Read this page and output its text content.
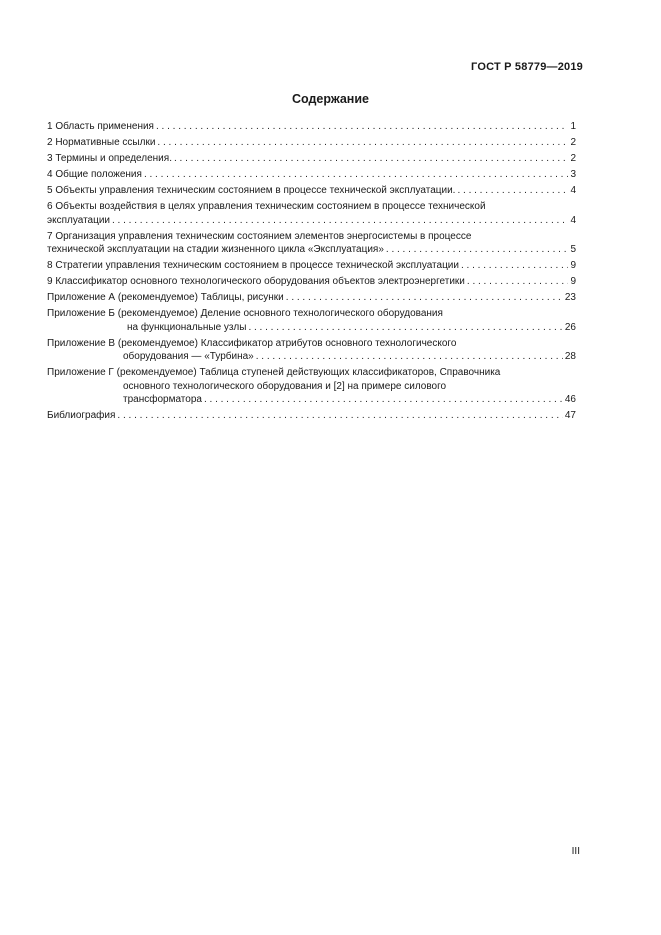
ГОСТ Р 58779—2019
Содержание
1 Область применения . . .	1
2 Нормативные ссылки . . .	2
3 Термины и определения. . . .	2
4 Общие положения . . .	3
5 Объекты управления техническим состоянием в процессе технической эксплуатации. . . .	4
6 Объекты воздействия в целях управления техническим состоянием в процессе технической
эксплуатации . . .	4
7 Организация управления техническим состоянием элементов энергосистемы в процессе
технической эксплуатации на стадии жизненного цикла «Эксплуатация» . . .	5
8 Стратегии управления техническим состоянием в процессе технической эксплуатации . . .	9
9 Классификатор основного технологического оборудования объектов электроэнергетики . . .	9
Приложение А (рекомендуемое) Таблицы, рисунки . . .	23
Приложение Б (рекомендуемое) Деление основного технологического оборудования
на функциональные узлы . . .	26
Приложение В (рекомендуемое) Классификатор атрибутов основного технологического
оборудования — «Турбина» . . .	28
Приложение Г (рекомендуемое) Таблица ступеней действующих классификаторов, Справочника
основного технологического оборудования и [2] на примере силового
трансформатора . . .	46
Библиография . . .	47
III
